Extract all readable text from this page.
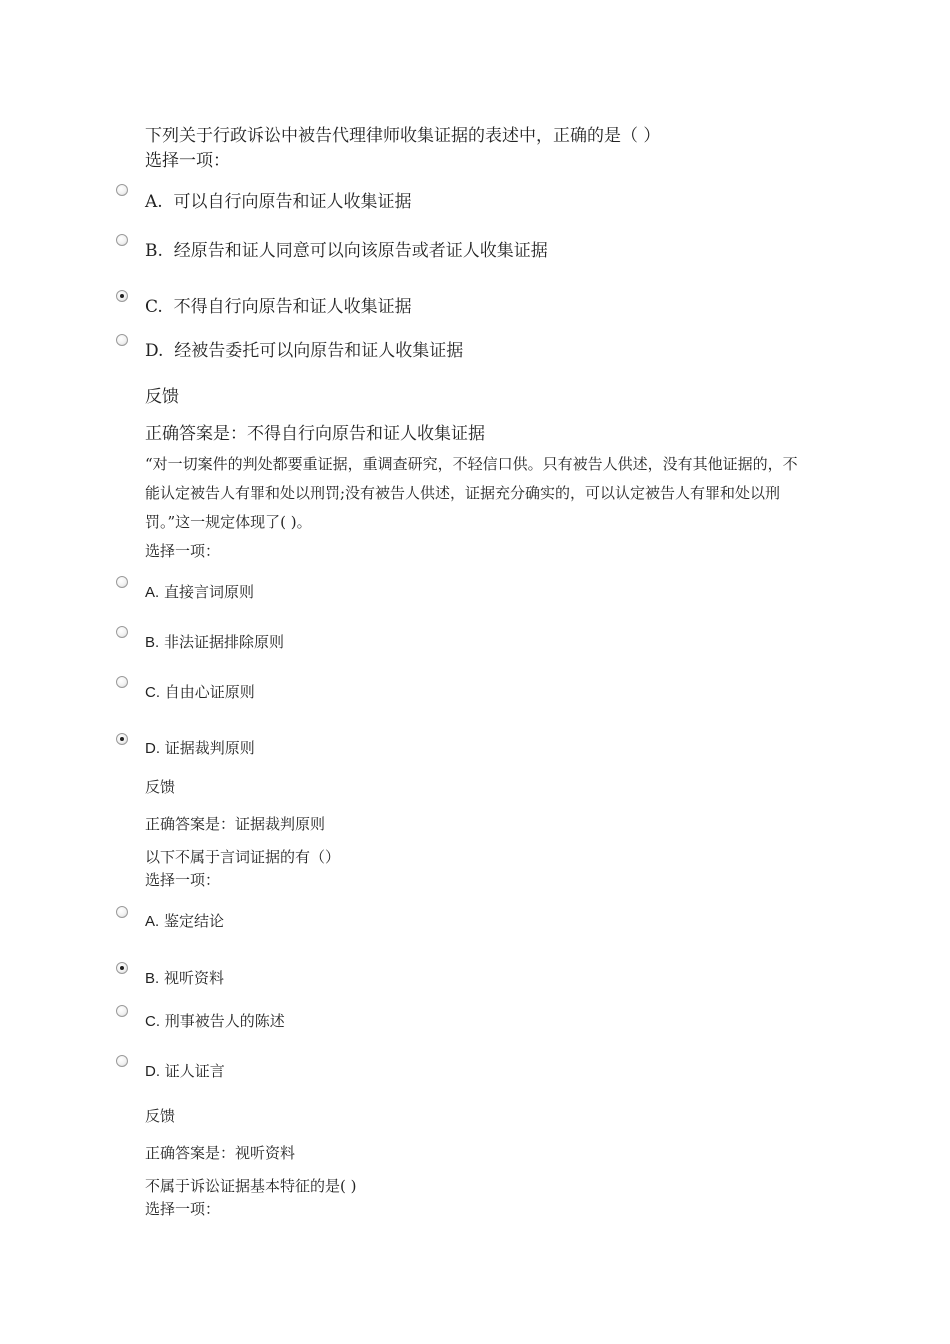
下列关于行政诉讼中被告代理律师收集证据的表述中，正确的是（ ）
选择一项：
A. 可以自行向原告和证人收集证据
B. 经原告和证人同意可以向该原告或者证人收集证据
C. 不得自行向原告和证人收集证据
D. 经被告委托可以向原告和证人收集证据
反馈
正确答案是：不得自行向原告和证人收集证据
“对一切案件的判处都要重证据，重调查研究，不轻信口供。只有被告人供述，没有其他证据的，不能认定被告人有罪和处以刑罚;没有被告人供述，证据充分确实的，可以认定被告人有罪和处以刑罚。”这一规定体现了( )。
选择一项：
A. 直接言词原则
B. 非法证据排除原则
C. 自由心证原则
D. 证据裁判原则
反馈
正确答案是：证据裁判原则
以下不属于言词证据的有（）
选择一项：
A. 鉴定结论
B. 视听资料
C. 刑事被告人的陈述
D. 证人证言
反馈
正确答案是：视听资料
不属于诉讼证据基本特征的是( )
选择一项：
